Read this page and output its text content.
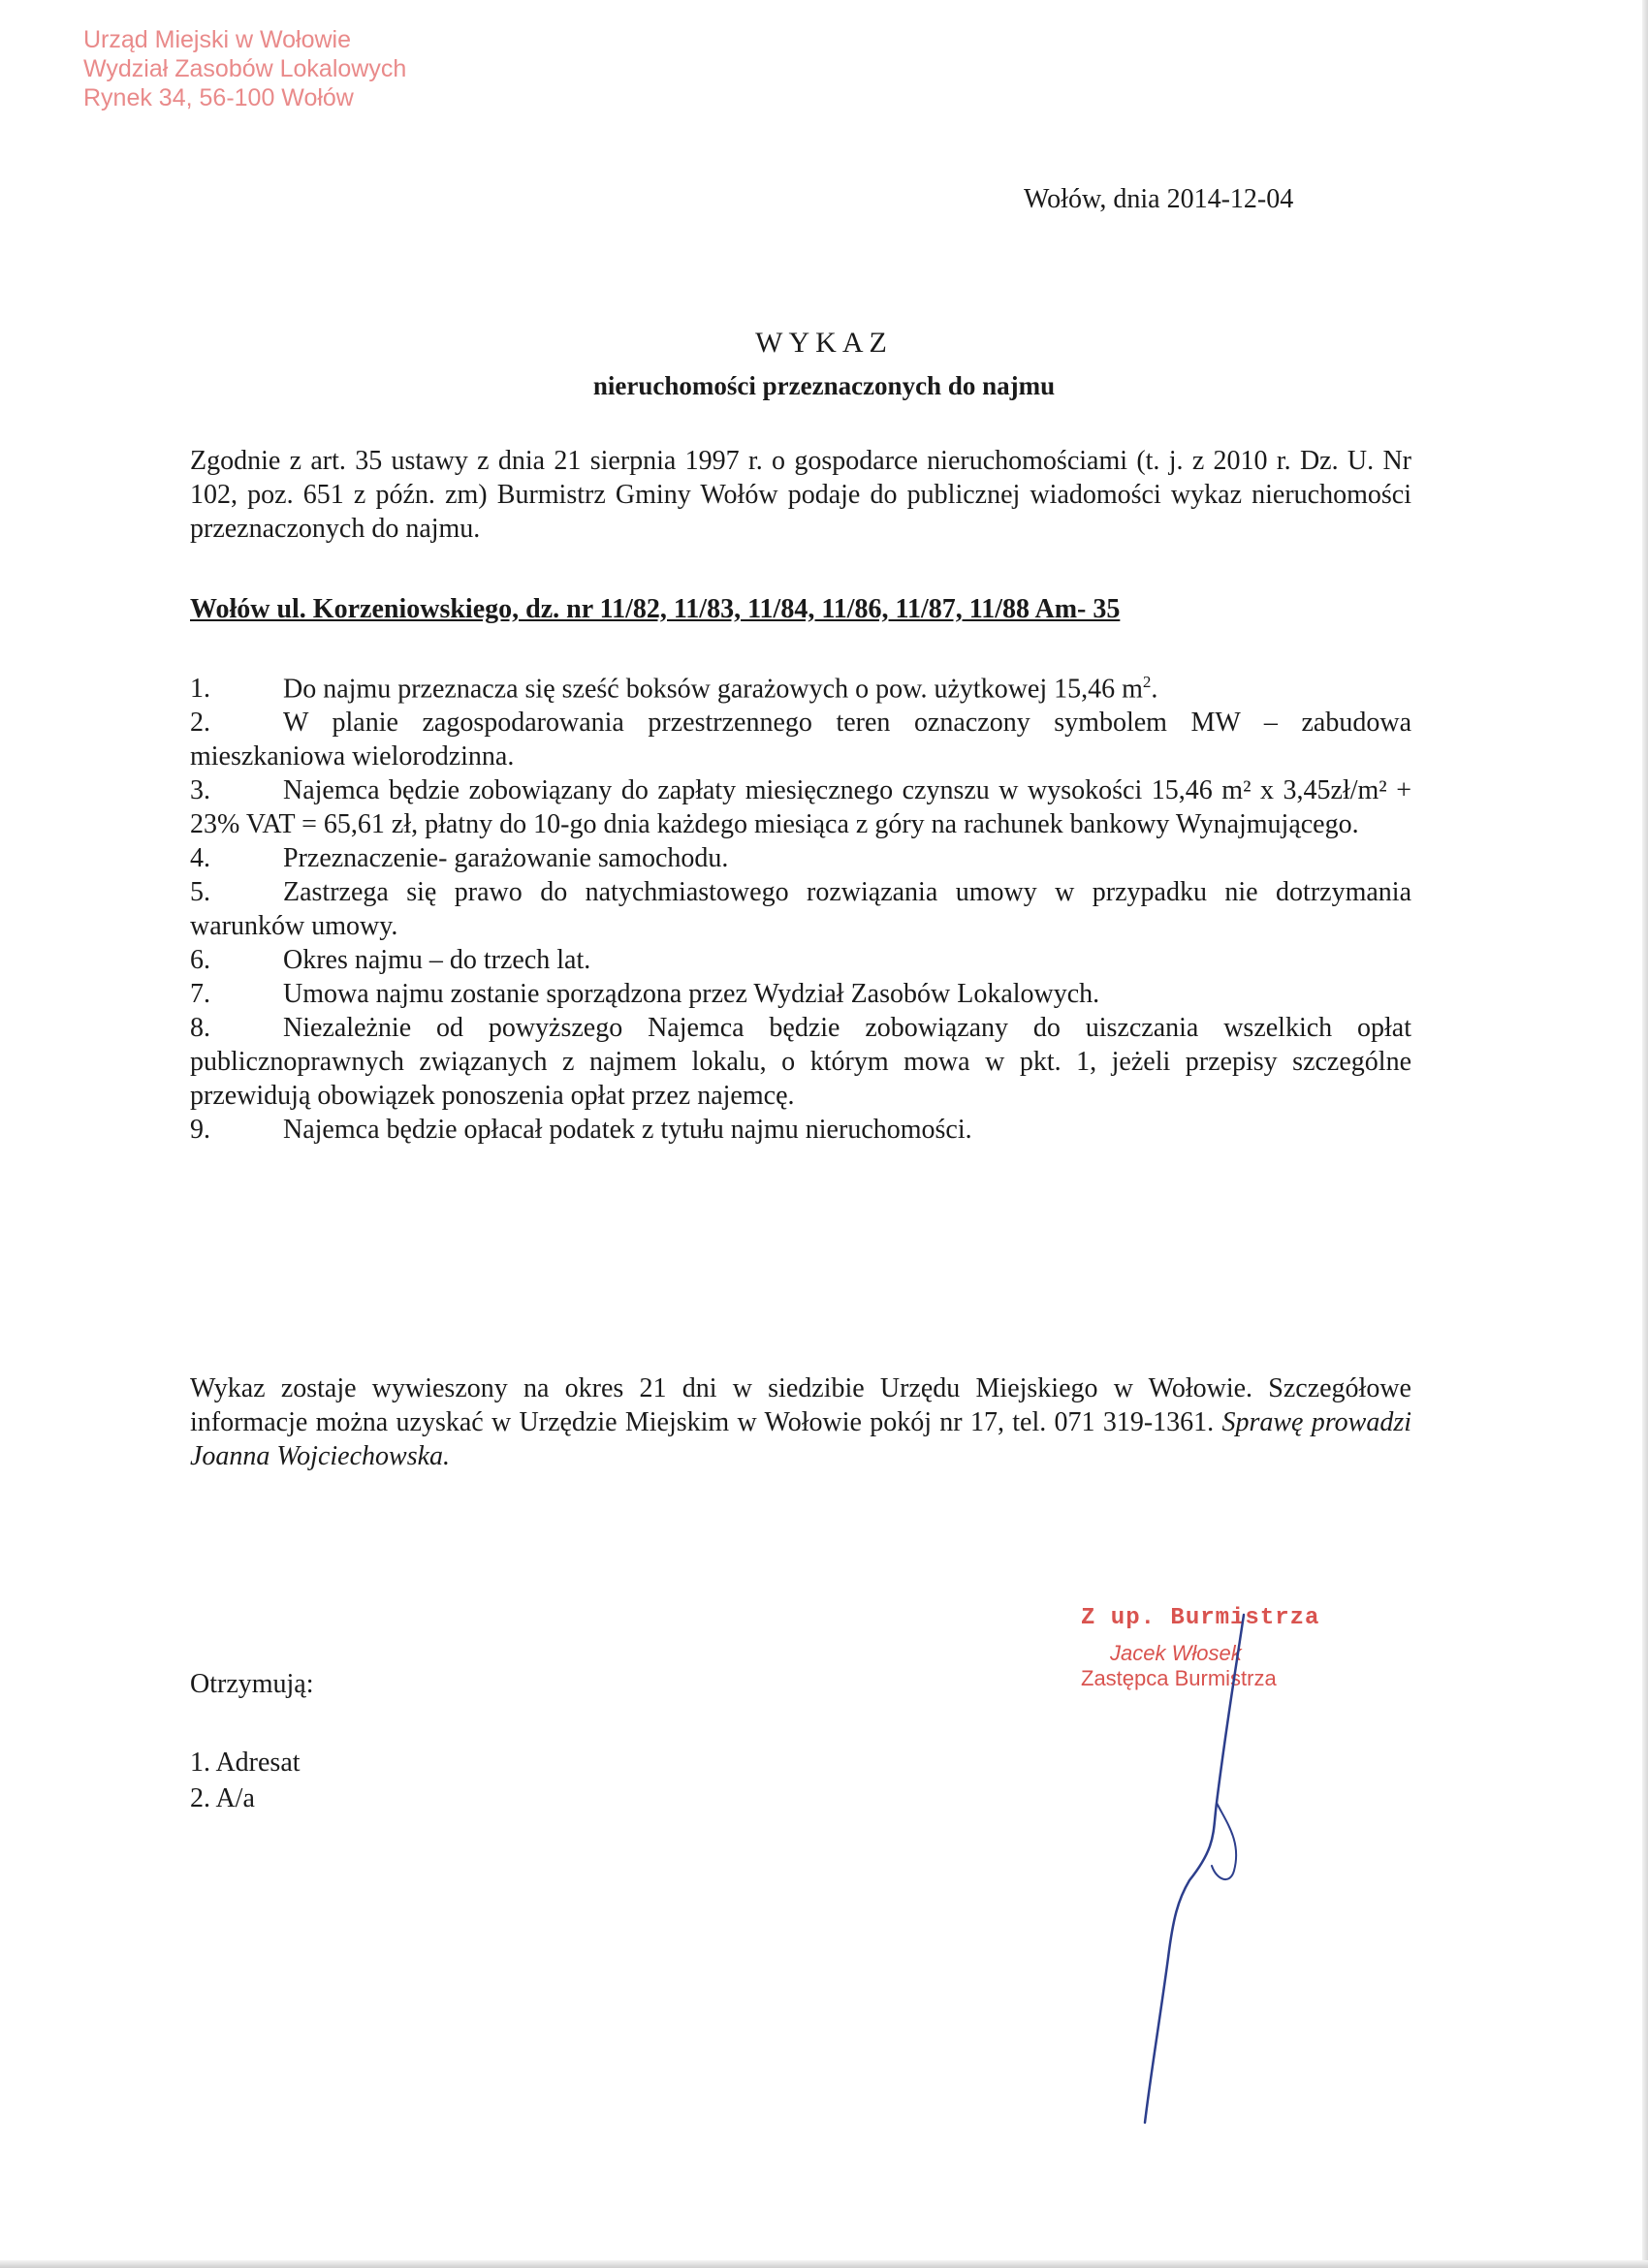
Urząd Miejski w Wołowie
Wydział Zasobów Lokalowych
Rynek 34, 56-100 Wołów
Wołów, dnia 2014-12-04
WYKAZ
nieruchomości przeznaczonych do najmu
Zgodnie z art. 35 ustawy z dnia 21 sierpnia 1997 r. o gospodarce nieruchomościami (t. j. z 2010 r. Dz. U. Nr 102, poz. 651 z późn. zm) Burmistrz Gminy Wołów podaje do publicznej wiadomości wykaz nieruchomości przeznaczonych do najmu.
Wołów ul. Korzeniowskiego, dz. nr 11/82, 11/83, 11/84, 11/86, 11/87, 11/88 Am- 35
1.	Do najmu przeznacza się sześć boksów garażowych o pow. użytkowej 15,46 $m^2$.
2.	W planie zagospodarowania przestrzennego teren oznaczony symbolem MW – zabudowa mieszkaniowa wielorodzinna.
3.	Najemca będzie zobowiązany do zapłaty miesięcznego czynszu w wysokości 15,46 m² x 3,45zł/m² + 23% VAT = 65,61 zł, płatny do 10-go dnia każdego miesiąca z góry na rachunek bankowy Wynajmującego.
4.	Przeznaczenie- garażowanie samochodu.
5.	Zastrzega się prawo do natychmiastowego rozwiązania umowy w przypadku nie dotrzymania warunków umowy.
6.	Okres najmu – do trzech lat.
7.	Umowa najmu zostanie sporządzona przez Wydział Zasobów Lokalowych.
8.	Niezależnie od powyższego Najemca będzie zobowiązany do uiszczania wszelkich opłat publicznoprawnych związanych z najmem lokalu, o którym mowa w pkt. 1, jeżeli przepisy szczególne przewidują obowiązek ponoszenia opłat przez najemcę.
9.	Najemca będzie opłacał podatek z tytułu najmu nieruchomości.
Wykaz zostaje wywieszony na okres 21 dni w siedzibie Urzędu Miejskiego w Wołowie. Szczegółowe informacje można uzyskać w Urzędzie Miejskim w Wołowie pokój nr 17, tel. 071 319-1361. Sprawę prowadzi Joanna Wojciechowska.
Z up. Burmistrza
Jacek Włosek
Zastępca Burmistrza
Otrzymują:
1. Adresat
2. A/a
